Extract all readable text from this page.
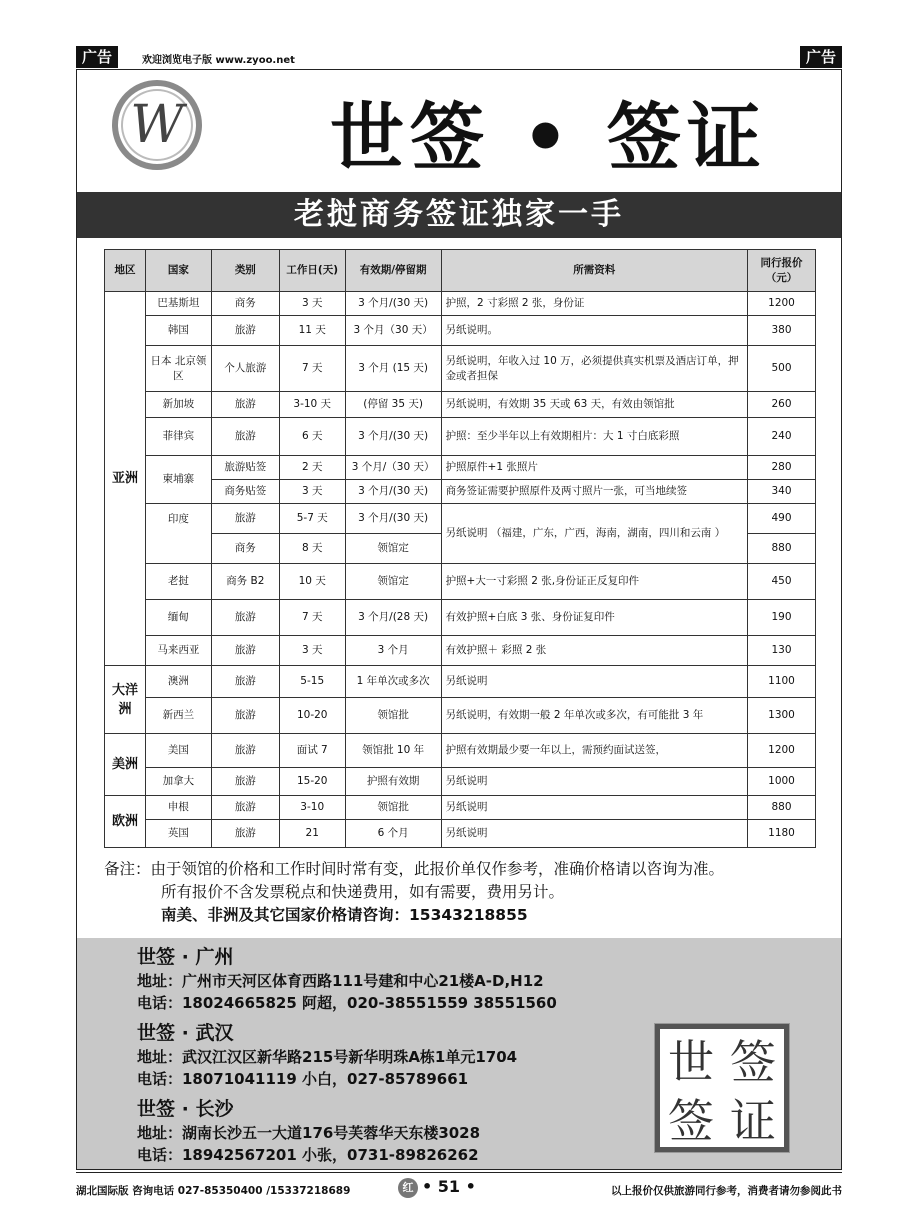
广告	欢迎浏览电子版 www.zyoo.net	广告
W 世签 • 签证
老挝商务签证独家一手
地区	国家	类别	工作日(天)	有效期/停留期	所需资料	同行报价（元）
亚洲	巴基斯坦	商务	3 天	3 个月/(30 天)	护照，2 寸彩照 2 张，身份证	1200
	韩国	旅游	11 天	3 个月（30 天）	另纸说明。	380
	日本 北京领区	个人旅游	7 天	3 个月 (15 天)	另纸说明，年收入过 10 万，必须提供真实机票及酒店订单，押金或者担保	500
	新加坡	旅游	3-10 天	(停留 35 天)	另纸说明，有效期 35 天或 63 天，有效由领馆批	260
	菲律宾	旅游	6 天	3 个月/(30 天)	护照：至少半年以上有效期相片：大 1 寸白底彩照	240
	柬埔寨	旅游贴签	2 天	3 个月/（30 天）	护照原件+1 张照片	280
		商务贴签	3 天	3 个月/(30 天)	商务签证需要护照原件及两寸照片一张，可当地续签	340
	印度	旅游	5-7 天	3 个月/(30 天)	另纸说明 （福建，广东，广西，海南，湖南，四川和云南 ）	490
		商务	8 天	领馆定		880
	老挝	商务 B2	10 天	领馆定	护照+大一寸彩照 2 张,身份证正反复印件	450
	缅甸	旅游	7 天	3 个月/(28 天)	有效护照+白底 3 张、身份证复印件	190
	马来西亚	旅游	3 天	3 个月	有效护照＋ 彩照 2 张	130
大洋洲	澳洲	旅游	5-15	1 年单次或多次	另纸说明	1100
	新西兰	旅游	10-20	领馆批	另纸说明，有效期一般 2 年单次或多次，有可能批 3 年	1300
美洲	美国	旅游	面试 7	领馆批 10 年	护照有效期最少要一年以上，需预约面试送签，	1200
	加拿大	旅游	15-20	护照有效期	另纸说明	1000
欧洲	申根	旅游	3-10	领馆批	另纸说明	880
	英国	旅游	21	6 个月	另纸说明	1180
备注：由于领馆的价格和工作时间时常有变，此报价单仅作参考，准确价格请以咨询为准。
所有报价不含发票税点和快递费用，如有需要，费用另计。
南美、非洲及其它国家价格请咨询：15343218855
世签 · 广州
地址：广州市天河区体育西路111号建和中心21楼A-D,H12
电话：18024665825 阿超，020-38551559 38551560
世签 · 武汉
地址：武汉江汉区新华路215号新华明珠A栋1单元1704
电话：18071041119 小白，027-85789661
世签 · 长沙
地址：湖南长沙五一大道176号芙蓉华天东楼3028
电话：18942567201 小张，0731-89826262
世 签
签 证
湖北国际版 咨询电话 027-85350400 /15337218689	红 • 51 •	以上报价仅供旅游同行参考，消费者请勿参阅此书
